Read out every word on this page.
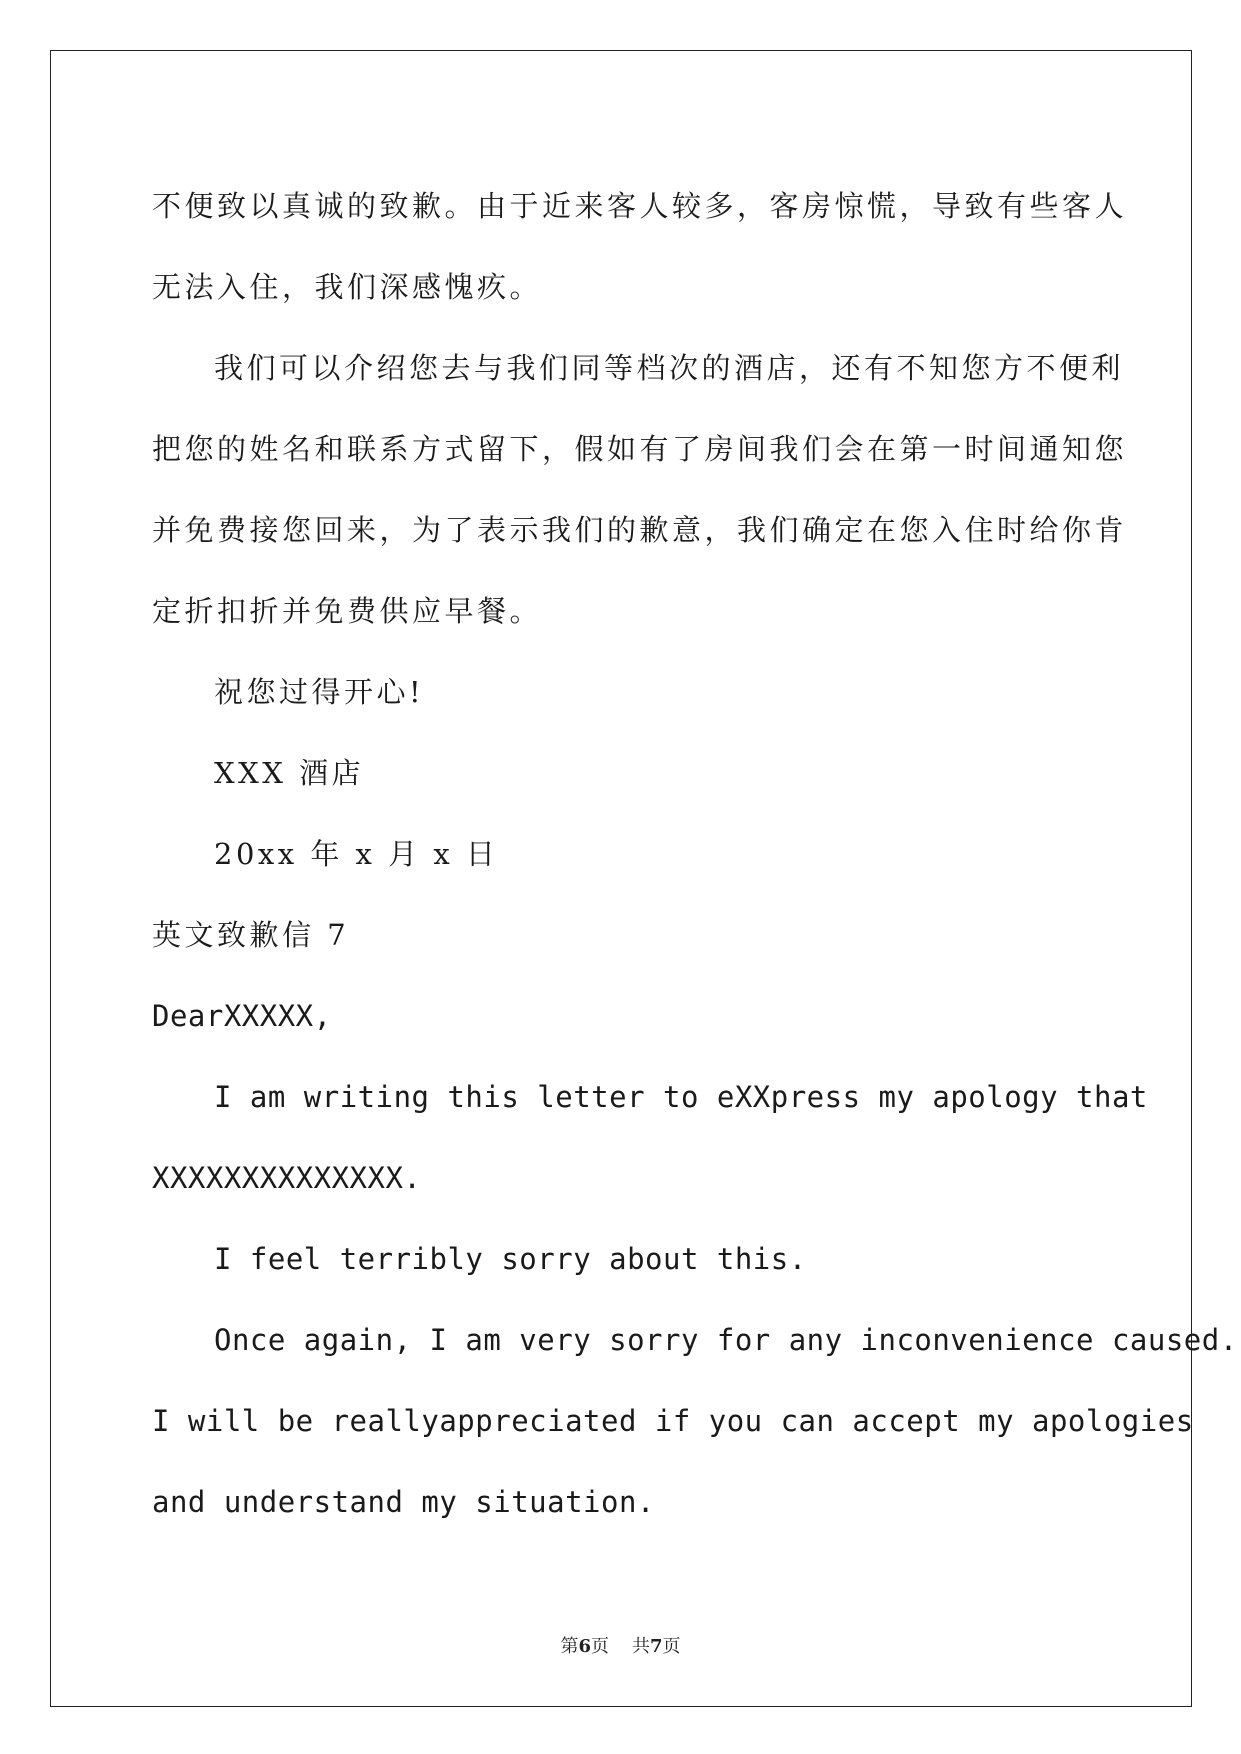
不便致以真诚的致歉。由于近来客人较多，客房惊慌，导致有些客人
无法入住，我们深感愧疚。
我们可以介绍您去与我们同等档次的酒店，还有不知您方不便利
把您的姓名和联系方式留下，假如有了房间我们会在第一时间通知您
并免费接您回来，为了表示我们的歉意，我们确定在您入住时给你肯
定折扣折并免费供应早餐。
祝您过得开心!
XXX 酒店
20xx 年 x 月 x 日
英文致歉信 7
DearXXXXX,
I am writing this letter to eXXpress my apology that
XXXXXXXXXXXXXX.
I feel terribly sorry about this.
Once again, I am very sorry for any inconvenience caused.
I will be reallyappreciated if you can accept my apologies
and understand my situation.
第6页 共7页
